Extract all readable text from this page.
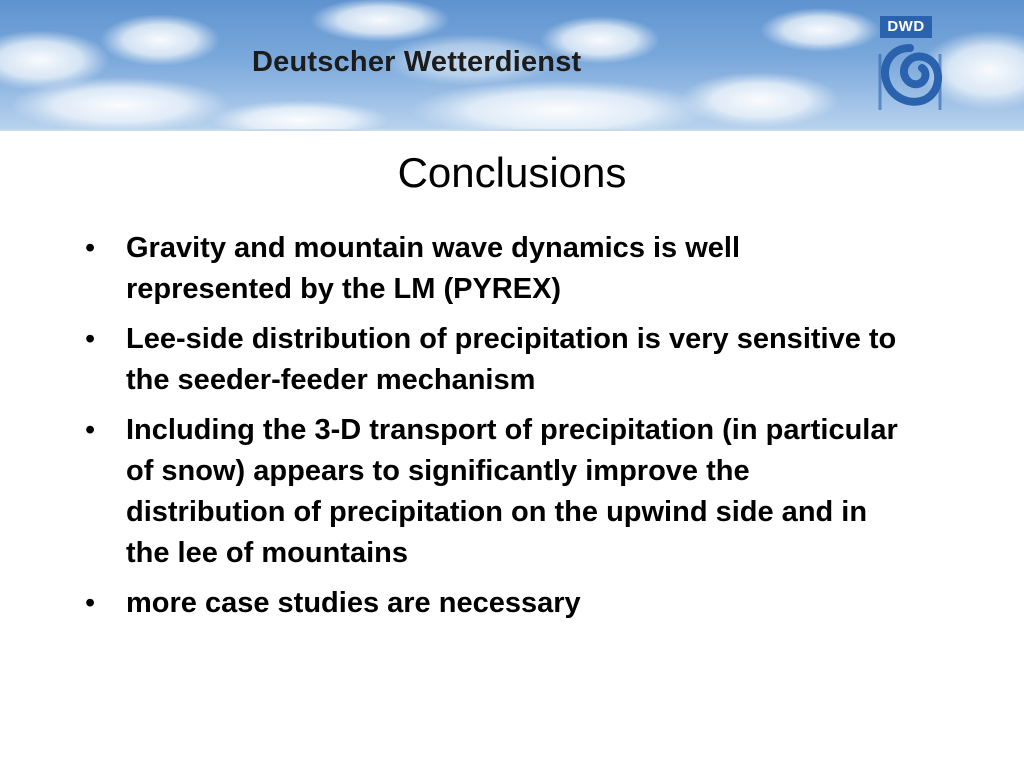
Deutscher Wetterdienst
DWD
Conclusions
• Gravity and mountain wave dynamics is well represented by the LM (PYREX)
• Lee-side distribution of precipitation is very sensitive to the seeder-feeder mechanism
• Including the 3-D transport of precipitation (in particular of snow) appears to significantly improve the distribution of precipitation on the upwind side and in the lee of mountains
• more case studies are necessary
